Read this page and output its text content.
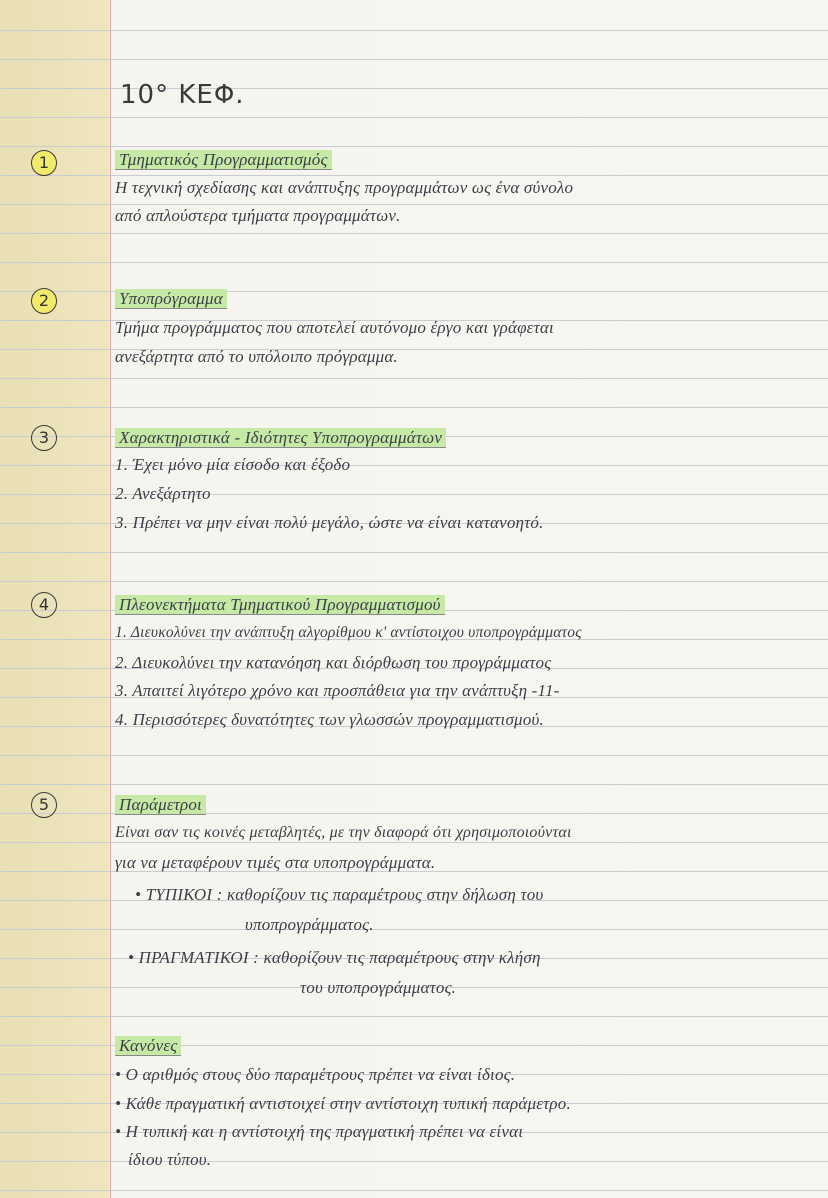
10° ΚΕΦ.
1	Τμηματικός Προγραμματισμός
Η τεχνική σχεδίασης και ανάπτυξης προγραμμάτων ως ένα σύνολο
από απλούστερα τμήματα προγραμμάτων.
2	Υποπρόγραμμα
Τμήμα προγράμματος που αποτελεί αυτόνομο έργο και γράφεται
ανεξάρτητα από το υπόλοιπο πρόγραμμα.
3	Χαρακτηριστικά - Ιδιότητες Υποπρογραμμάτων
1. Έχει μόνο μία είσοδο και έξοδο
2. Ανεξάρτητο
3. Πρέπει να μην είναι πολύ μεγάλο, ώστε να είναι κατανοητό.
4	Πλεονεκτήματα Τμηματικού Προγραμματισμού
1. Διευκολύνει την ανάπτυξη αλγορίθμου κ' αντίστοιχου υποπρογράμματος
2. Διευκολύνει την κατανόηση και διόρθωση του προγράμματος
3. Απαιτεί λιγότερο χρόνο και προσπάθεια για την ανάπτυξη -11-
4. Περισσότερες δυνατότητες των γλωσσών προγραμματισμού.
5	Παράμετροι
Είναι σαν τις κοινές μεταβλητές, με την διαφορά ότι χρησιμοποιούνται
για να μεταφέρουν τιμές στα υποπρογράμματα.
• ΤΥΠΙΚΟΙ : καθορίζουν τις παραμέτρους στην δήλωση του
υποπρογράμματος.
• ΠΡΑΓΜΑΤΙΚΟΙ : καθορίζουν τις παραμέτρους στην κλήση
του υποπρογράμματος.
Κανόνες
• Ο αριθμός στους δύο παραμέτρους πρέπει να είναι ίδιος.
• Κάθε πραγματική αντιστοιχεί στην αντίστοιχη τυπική παράμετρο.
• Η τυπική και η αντίστοιχή της πραγματική πρέπει να είναι
ίδιου τύπου.
